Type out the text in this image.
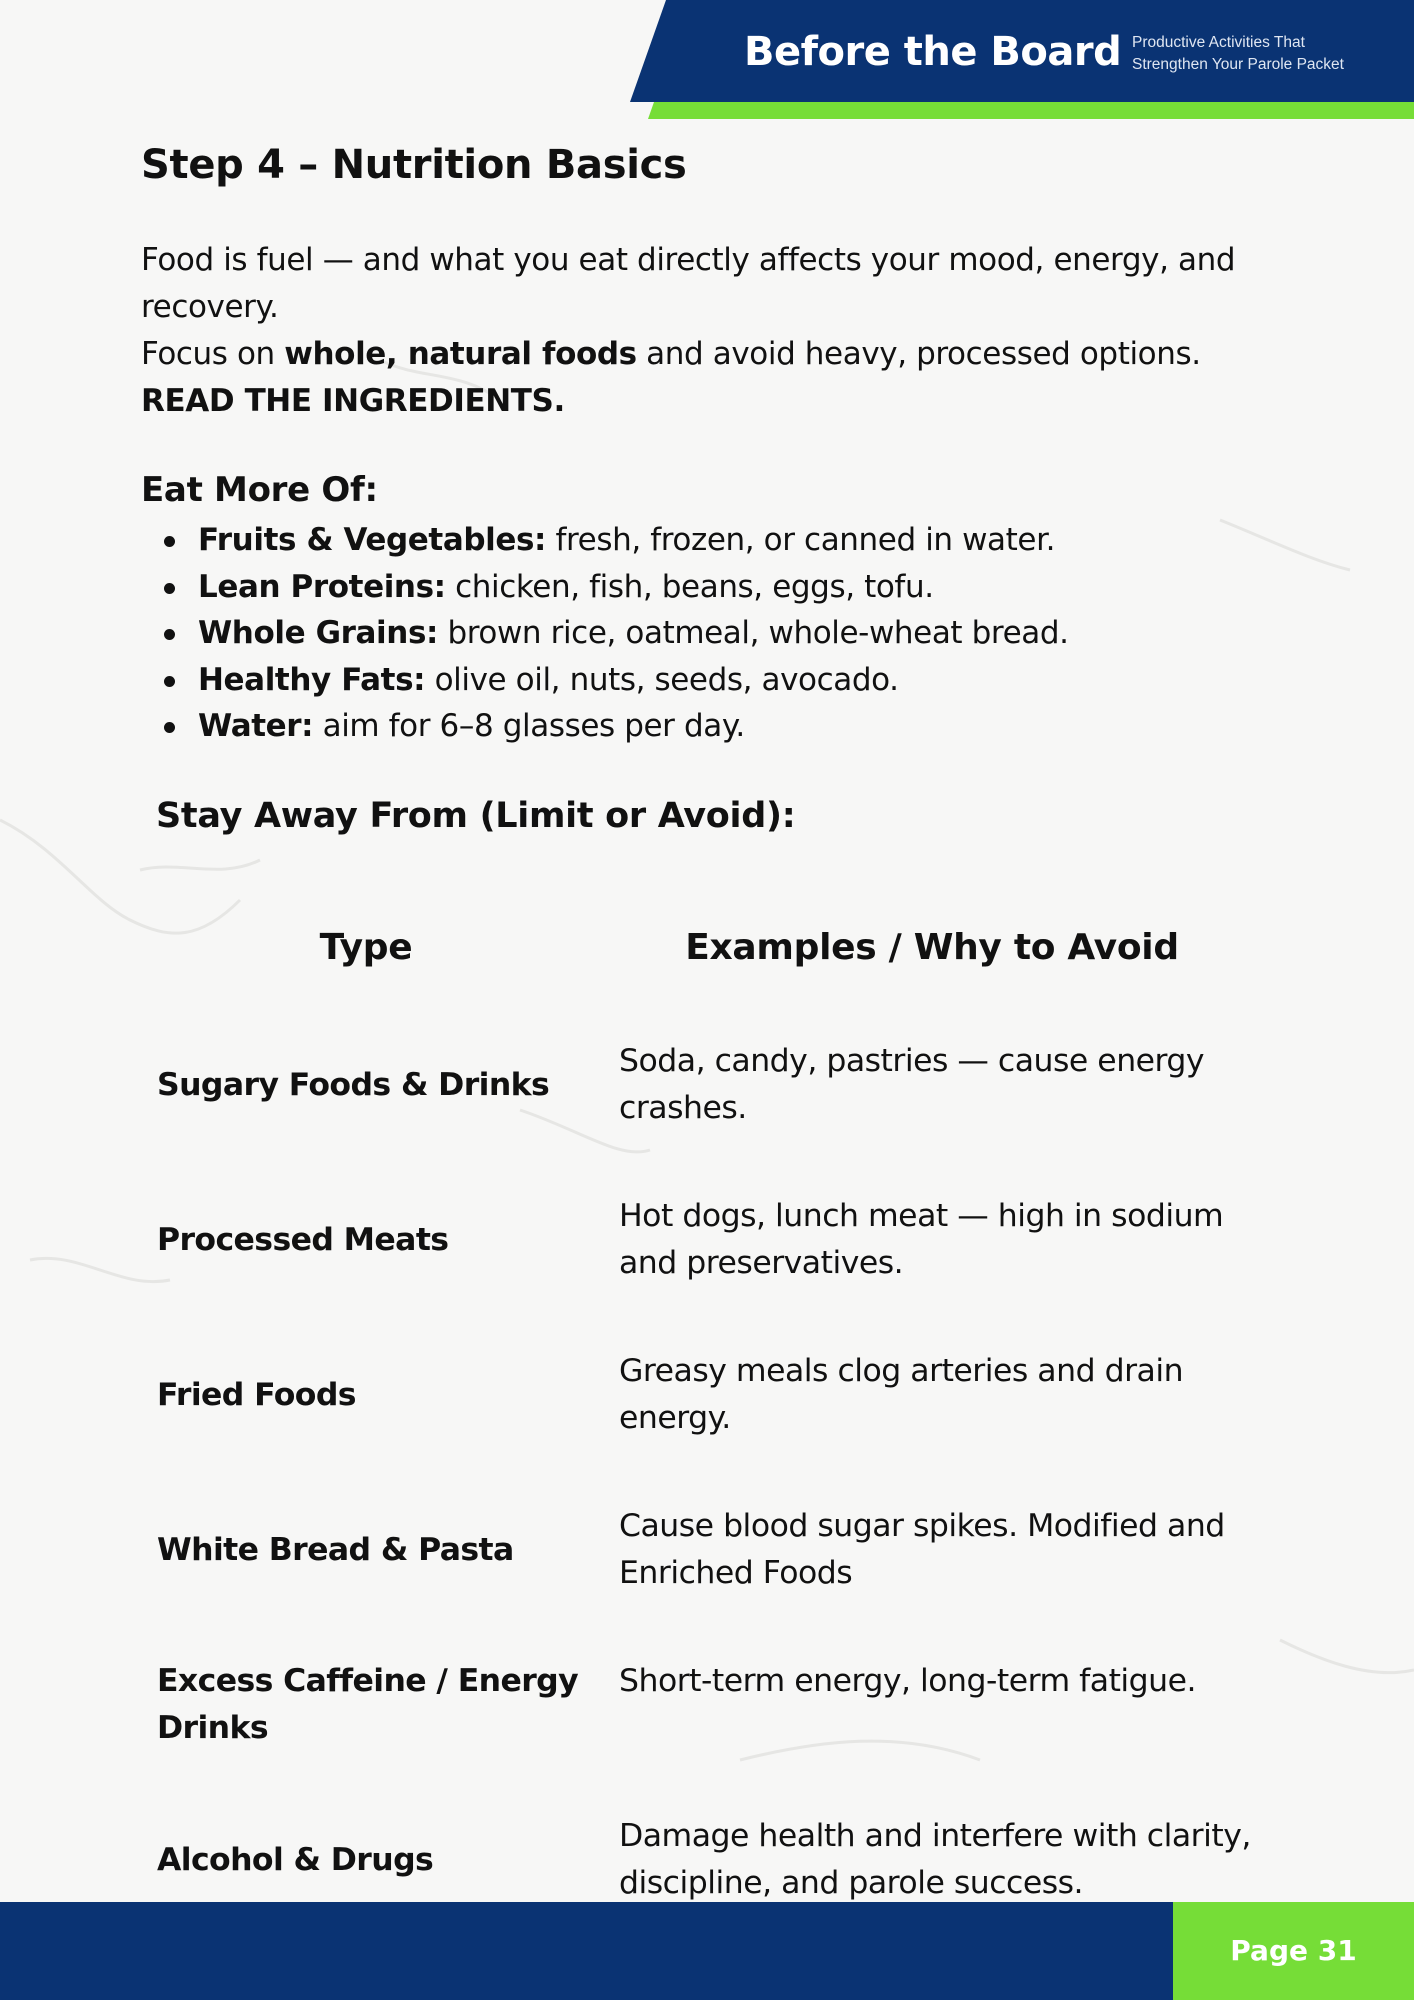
Before the Board Productive Activities That
Strengthen Your Parole Packet
Step 4 – Nutrition Basics

Food is fuel — and what you eat directly affects your mood, energy, and recovery.

Focus on whole, natural foods and avoid heavy, processed options.

READ THE INGREDIENTS.

Eat More Of:
Fruits & Vegetables: fresh, frozen, or canned in water.
Lean Proteins: chicken, fish, beans, eggs, tofu.
Whole Grains: brown rice, oatmeal, whole-wheat bread.
Healthy Fats: olive oil, nuts, seeds, avocado.
Water: aim for 6–8 glasses per day.
Stay Away From (Limit or Avoid):
Type	Examples / Why to Avoid
Sugary Foods & Drinks
Soda, candy, pastries — cause energy crashes.
Processed Meats
Hot dogs, lunch meat — high in sodium and preservatives.
Fried Foods
Greasy meals clog arteries and drain energy.
White Bread & Pasta
Cause blood sugar spikes. Modified and Enriched Foods
Excess Caffeine / Energy Drinks
Short-term energy, long-term fatigue.
Alcohol & Drugs
Damage health and interfere with clarity, discipline, and parole success.
Page 31
